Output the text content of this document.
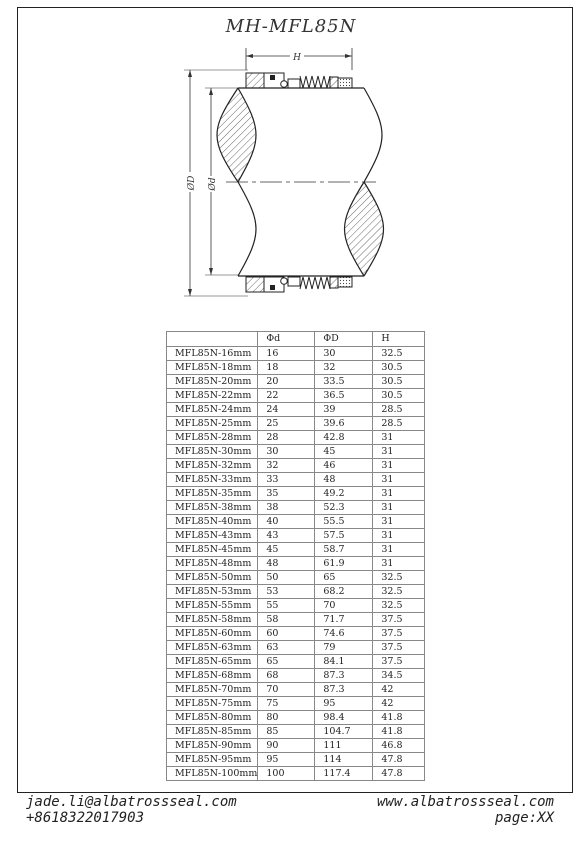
MH-MFL85N
H
ØD Ød
	Φd	ΦD	H
MFL85N-16mm	16	30	32.5
MFL85N-18mm	18	32	30.5
MFL85N-20mm	20	33.5	30.5
MFL85N-22mm	22	36.5	30.5
MFL85N-24mm	24	39	28.5
MFL85N-25mm	25	39.6	28.5
MFL85N-28mm	28	42.8	31
MFL85N-30mm	30	45	31
MFL85N-32mm	32	46	31
MFL85N-33mm	33	48	31
MFL85N-35mm	35	49.2	31
MFL85N-38mm	38	52.3	31
MFL85N-40mm	40	55.5	31
MFL85N-43mm	43	57.5	31
MFL85N-45mm	45	58.7	31
MFL85N-48mm	48	61.9	31
MFL85N-50mm	50	65	32.5
MFL85N-53mm	53	68.2	32.5
MFL85N-55mm	55	70	32.5
MFL85N-58mm	58	71.7	37.5
MFL85N-60mm	60	74.6	37.5
MFL85N-63mm	63	79	37.5
MFL85N-65mm	65	84.1	37.5
MFL85N-68mm	68	87.3	34.5
MFL85N-70mm	70	87.3	42
MFL85N-75mm	75	95	42
MFL85N-80mm	80	98.4	41.8
MFL85N-85mm	85	104.7	41.8
MFL85N-90mm	90	111	46.8
MFL85N-95mm	95	114	47.8
MFL85N-100mm	100	117.4	47.8
jade.li@albatrossseal.com
+8618322017903
www.albatrossseal.com
page:XX
